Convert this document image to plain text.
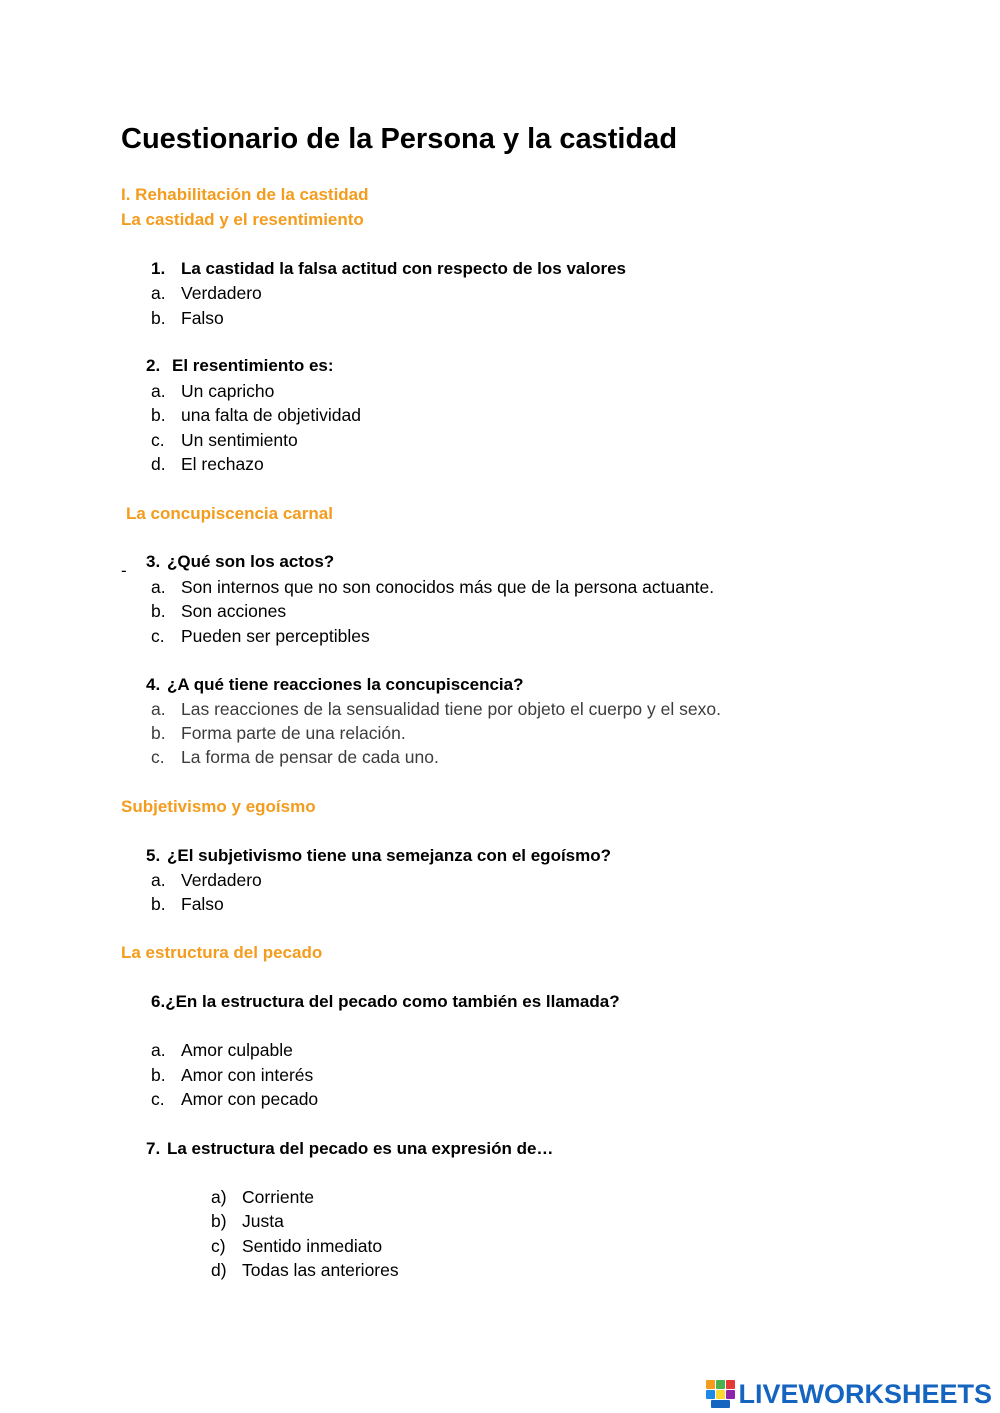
Cuestionario de la Persona y la castidad
I. Rehabilitación de la castidad
La castidad y el resentimiento
1. La castidad la falsa actitud con respecto de los valores
a. Verdadero
b. Falso
2. El resentimiento es:
a. Un capricho
b. una falta de objetividad
c. Un sentimiento
d. El rechazo
La concupiscencia carnal
- 3. ¿Qué son los actos?
a. Son internos que no son conocidos más que de la persona actuante.
b. Son acciones
c. Pueden ser perceptibles
4. ¿A qué tiene reacciones la concupiscencia?
a. Las reacciones de la sensualidad tiene por objeto el cuerpo y el sexo.
b. Forma parte de una relación.
c. La forma de pensar de cada uno.
Subjetivismo y egoísmo
5. ¿El subjetivismo tiene una semejanza con el egoísmo?
a. Verdadero
b. Falso
La estructura del pecado
6.¿En la estructura del pecado como también es llamada?
a. Amor culpable
b. Amor con interés
c. Amor con pecado
7. La estructura del pecado es una expresión de…
a) Corriente
b) Justa
c) Sentido inmediato
d) Todas las anteriores
LIVEWORKSHEETS
